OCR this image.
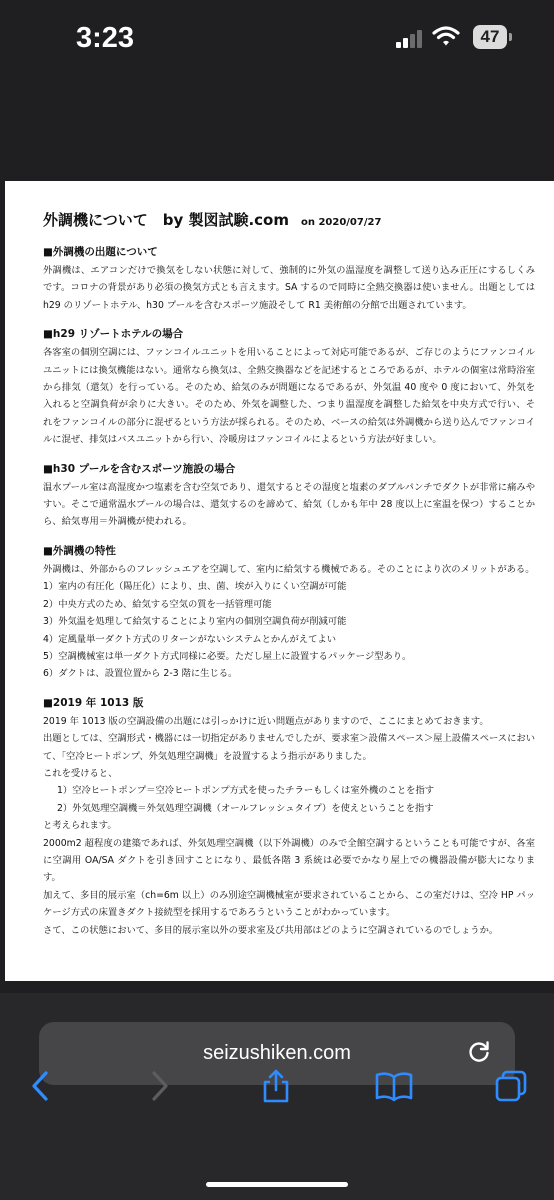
3:23	47
外調機について　by 製図試験.com on 2020/07/27
■外調機の出題について

外調機は、エアコンだけで換気をしない状態に対して、強制的に外気の温湿度を調整して送り込み正圧にするしくみです。コロナの背景があり必須の換気方式とも言えます。SA するので同時に全熱交換器は使いません。出題としては h29 のリゾートホテル、h30 プールを含むスポーツ施設そして R1 美術館の分館で出題されています。

■h29 リゾートホテルの場合

各客室の個別空調には、ファンコイルユニットを用いることによって対応可能であるが、ご存じのようにファンコイルユニットには換気機能はない。通常なら換気は、全熱交換器などを記述するところであるが、ホテルの個室は常時浴室から排気（還気）を行っている。そのため、給気のみが問題になるであるが、外気温 40 度や 0 度において、外気を入れると空調負荷が余りに大きい。そのため、外気を調整した、つまり温湿度を調整した給気を中央方式で行い、それをファンコイルの部分に混ぜるという方法が採られる。そのため、ベースの給気は外調機から送り込んでファンコイルに混ぜ、排気はバスユニットから行い、冷暖房はファンコイルによるという方法が好ましい。

■h30 プールを含むスポーツ施設の場合

温水プール室は高湿度かつ塩素を含む空気であり、還気するとその湿度と塩素のダブルパンチでダクトが非常に痛みやすい。そこで通常温水プールの場合は、還気するのを諦めて、給気（しかも年中 28 度以上に室温を保つ）することから、給気専用＝外調機が使われる。

■外調機の特性

外調機は、外部からのフレッシュエアを空調して、室内に給気する機械である。そのことにより次のメリットがある。

1）室内の有圧化（陽圧化）により、虫、菌、埃が入りにくい空調が可能
2）中央方式のため、給気する空気の質を一括管理可能
3）外気温を処理して給気することにより室内の個別空調負荷が削減可能
4）定風量単一ダクト方式のリターンがないシステムとかんがえてよい
5）空調機械室は単一ダクト方式同様に必要。ただし屋上に設置するパッケージ型あり。
6）ダクトは、設置位置から 2-3 階に生じる。
■2019 年 1013 版

2019 年 1013 版の空調設備の出題には引っかけに近い問題点がありますので、ここにまとめておきます。

出題としては、空調形式・機器には一切指定がありませんでしたが、要求室＞設備スペース＞屋上設備スペースにおいて、「空冷ヒートポンプ、外気処理空調機」を設置するよう指示がありました。

これを受けると、

1）空冷ヒートポンプ＝空冷ヒートポンプ方式を使ったチラーもしくは室外機のことを指す
2）外気処理空調機＝外気処理空調機（オールフレッシュタイプ）を使えということを指す

と考えられます。

2000m2 超程度の建築であれば、外気処理空調機（以下外調機）のみで全館空調するということも可能ですが、各室に空調用 OA/SA ダクトを引き回すことになり、最低各階 3 系統は必要でかなり屋上での機器設備が膨大になります。

加えて、多目的展示室（ch=6m 以上）のみ別途空調機械室が要求されていることから、この室だけは、空冷 HP パッケージ方式の床置きダクト接続型を採用するであろうということがわかっています。

さて、この状態において、多目的展示室以外の要求室及び共用部はどのように空調されているのでしょうか。

seizushiken.com
